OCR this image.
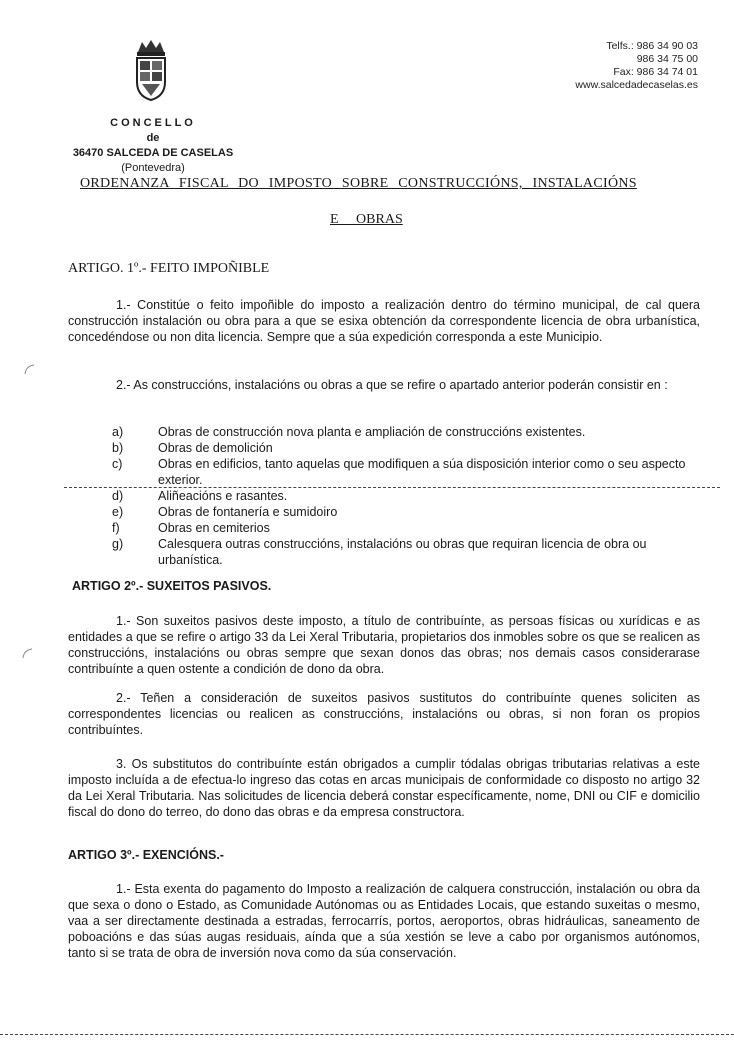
Telfs.: 986 34 90 03
986 34 75 00
Fax: 986 34 74 01
www.salcedadecaselas.es
CONCELLO
de
36470 SALCEDA DE CASELAS
(Pontevedra)
ORDENANZA FISCAL DO IMPOSTO SOBRE CONSTRUCCIÓNS, INSTALACIÓNS
E OBRAS
ARTIGO. 1º.- FEITO IMPOÑIBLE
1.- Constitúe o feito impoñible do imposto a realización dentro do término municipal, de cal quera construcción instalación ou obra para a que se esixa obtención da correspondente licencia de obra urbanística, concedéndose ou non dita licencia. Sempre que a súa expedición corresponda a este Municipio.
2.- As construccións, instalacións ou obras a que se refire o apartado anterior poderán consistir en :
a)	Obras de construcción nova planta e ampliación de construccións existentes.
b)	Obras de demolición
c)	Obras en edificios, tanto aquelas que modifiquen a súa disposición interior como o seu aspecto exterior.
d)	Aliñeacións e rasantes.
e)	Obras de fontanería e sumidoiro
f)	Obras en cemiterios
g)	Calesquera outras construccións, instalacións ou obras que requiran licencia de obra ou urbanística.
ARTIGO 2º.- SUXEITOS PASIVOS.
1.- Son suxeitos pasivos deste imposto, a título de contribuínte, as persoas físicas ou xurídicas e as entidades a que se refire o artigo 33 da Lei Xeral Tributaria, propietarios dos inmobles sobre os que se realicen as construccións, instalacións ou obras sempre que sexan donos das obras; nos demais casos considerarase contribuínte a quen ostente a condición de dono da obra.
2.- Teñen a consideración de suxeitos pasivos sustitutos do contribuínte quenes soliciten as correspondentes licencias ou realicen as construccións, instalacións ou obras, si non foran os propios contribuíntes.
3. Os substitutos do contribuínte están obrigados a cumplir tódalas obrigas tributarias relativas a este imposto incluída a de efectua-lo ingreso das cotas en arcas municipais de conformidade co disposto no artigo 32 da Lei Xeral Tributaria. Nas solicitudes de licencia deberá constar específicamente, nome, DNI ou CIF e domicilio fiscal do dono do terreo, do dono das obras e da empresa constructora.
ARTIGO 3º.- EXENCIÓNS.-
1.- Esta exenta do pagamento do Imposto a realización de calquera construcción, instalación ou obra da que sexa o dono o Estado, as Comunidade Autónomas ou as Entidades Locais, que estando suxeitas o mesmo, vaa a ser directamente destinada a estradas, ferrocarrís, portos, aeroportos, obras hidráulicas, saneamento de poboacións e das súas augas residuais, aínda que a súa xestión se leve a cabo por organismos autónomos, tanto si se trata de obra de inversión nova como da súa conservación.
